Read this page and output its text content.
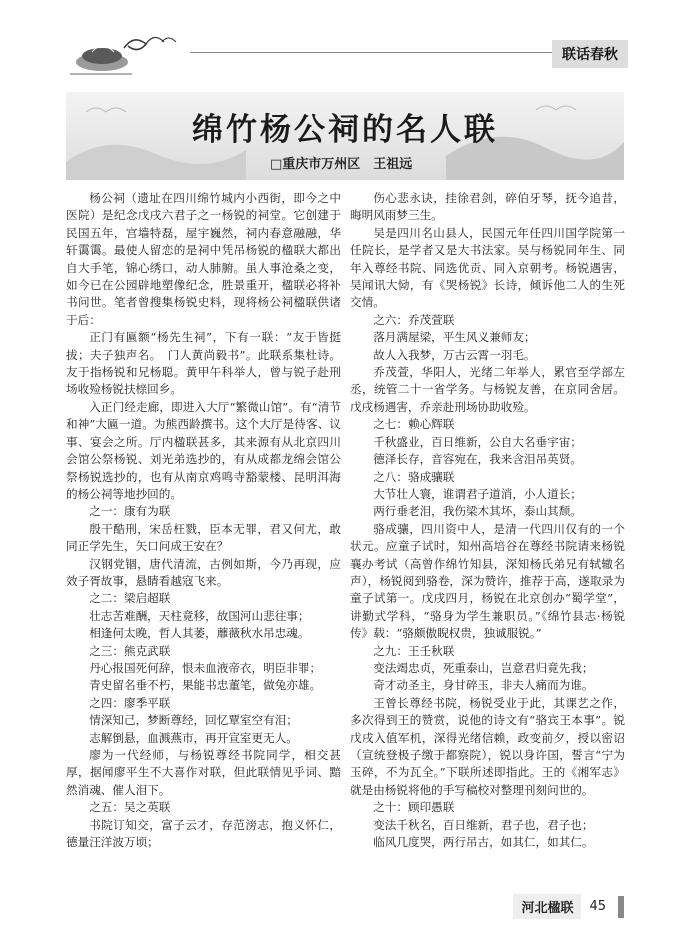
联话春秋
绵竹杨公祠的名人联
□重庆市万州区　王祖远

杨公祠（遗址在四川绵竹城内小西街，即今之中医院）是纪念戊戌六君子之一杨锐的祠堂。它创建于民国五年，宫墙特磊，屋宇巍然，祠内春意融融，华轩霭霭。最使人留恋的是祠中凭吊杨锐的楹联大都出自大手笔，锦心绣口，动人肺腑。虽人事沧桑之变，如今已在公园辟地塑像纪念，胜景重开，楹联必将补书问世。笔者曾搜集杨锐史料，现将杨公祠楹联供诸于后：

正门有匾额“杨先生祠”，下有一联：“友于皆挺拔；夫子独声名。　门人黄尚毅书”。此联系集杜诗。友于指杨锐和兄杨聪。黄甲午科举人，曾与锐子赴刑场收殓杨锐扶榇回乡。

入正门经走廊，即进入大厅“繁微山馆”。有“清节和神”大匾一道。为熊西龄撰书。这个大厅是待客、议事、宴会之所。厅内楹联甚多，其来源有从北京四川会馆公祭杨锐、刘光弟选抄的，有从成都龙绵会馆公祭杨锐选抄的，也有从南京鸡鸣寺豁蒙楼、昆明洱海的杨公祠等地抄回的。

之一：康有为联

殷干酷刑，宋岳枉戮，臣本无罪，君又何尤，敢同正学先生，矢口问成王安在？

汉钢党锢，唐代清流，古例如斯，今乃再现，应效子胥故事，悬睛看越寇飞来。

之二：梁启超联

壮志苦难酬，天柱竟移，故国河山悲往事；

相逢何太晚，哲人其萎，蘼薇秋水吊忠魂。

之三：熊克武联

丹心报国死何辞，恨未血液帝衣，明臣非罪；

青史留名垂不朽，果能书忠董笔，做兔亦雄。

之四：廖季平联

情深知己，梦断尊经，回忆覃室空有泪；

志解倒悬，血溅燕市，再开宣室更无人。

廖为一代经师，与杨锐尊经书院同学，相交甚厚，据闻廖平生不大喜作对联，但此联情见乎词、黯然消魂、催人泪下。

之五：吴之英联

书院订知交，富子云才，存范滂志，抱义怀仁，德量汪洋波万顷；

伤心悲永诀，挂徐君剑，碎伯牙琴，抚今追昔，晦明风雨梦三生。

吴是四川名山县人，民国元年任四川国学院第一任院长，是学者又是大书法家。吴与杨锐同年生、同年入尊经书院、同选优贡、同入京朝考。杨锐遇害，吴闻讯大恸，有《哭杨锐》长诗，倾诉他二人的生死交情。

之六：乔茂萱联

落月满屋梁，平生风义兼师友；

故人入我梦，万古云霄一羽毛。

乔茂萱，华阳人，光绪二年举人，累官至学部左丞，统管二十一省学务。与杨锐友善，在京同舍居。戊戌杨遇害，乔亲赴刑场协助收殓。

之七：赖心辉联

千秋盛业，百日维新，公自大名垂宇宙；

德泽长存，音容宛在，我来含泪吊英贤。

之八：骆成骧联

大节壮人寰，谁谓君子道消，小人道长；

两行垂老泪，我伤梁木其坏，泰山其颓。

骆成骧，四川资中人，是清一代四川仅有的一个状元。应童子试时，知州高培谷在尊经书院请来杨锐襄办考试（高曾作绵竹知县，深知杨氏弟兄有轼辙名声），杨锐阅到骆卷，深为赞许，推荐于高，遂取录为童子试第一。戊戌四月，杨锐在北京创办“蜀学堂”，讲勤式学科，“骆身为学生兼职员。”《绵竹县志·杨锐传》载：“骆颇傲睨权贵，独诚服锐。”

之九：王壬秋联

变法竭忠贞，死重泰山，岂意君归竟先我；

奇才动圣主，身甘碎玉，非夫人痛而为谁。

王曾长尊经书院，杨锐受业于此，其课艺之作，多次得到王的赞赏，说他的诗文有“骆宾王本事”。锐戊戌入值军机，深得光绪信赖，政变前夕，授以密诏（宣统登极子缴于都察院），锐以身许国，誓言“宁为玉碎，不为瓦全。”下联所述即指此。王的《湘军志》就是由杨锐将他的手写稿校对整理刊刻问世的。

之十：顾印愚联

变法千秋名，百日维新，君子也，君子也；

临风几度哭，两行吊古，如其仁，如其仁。

河北楹联	45
